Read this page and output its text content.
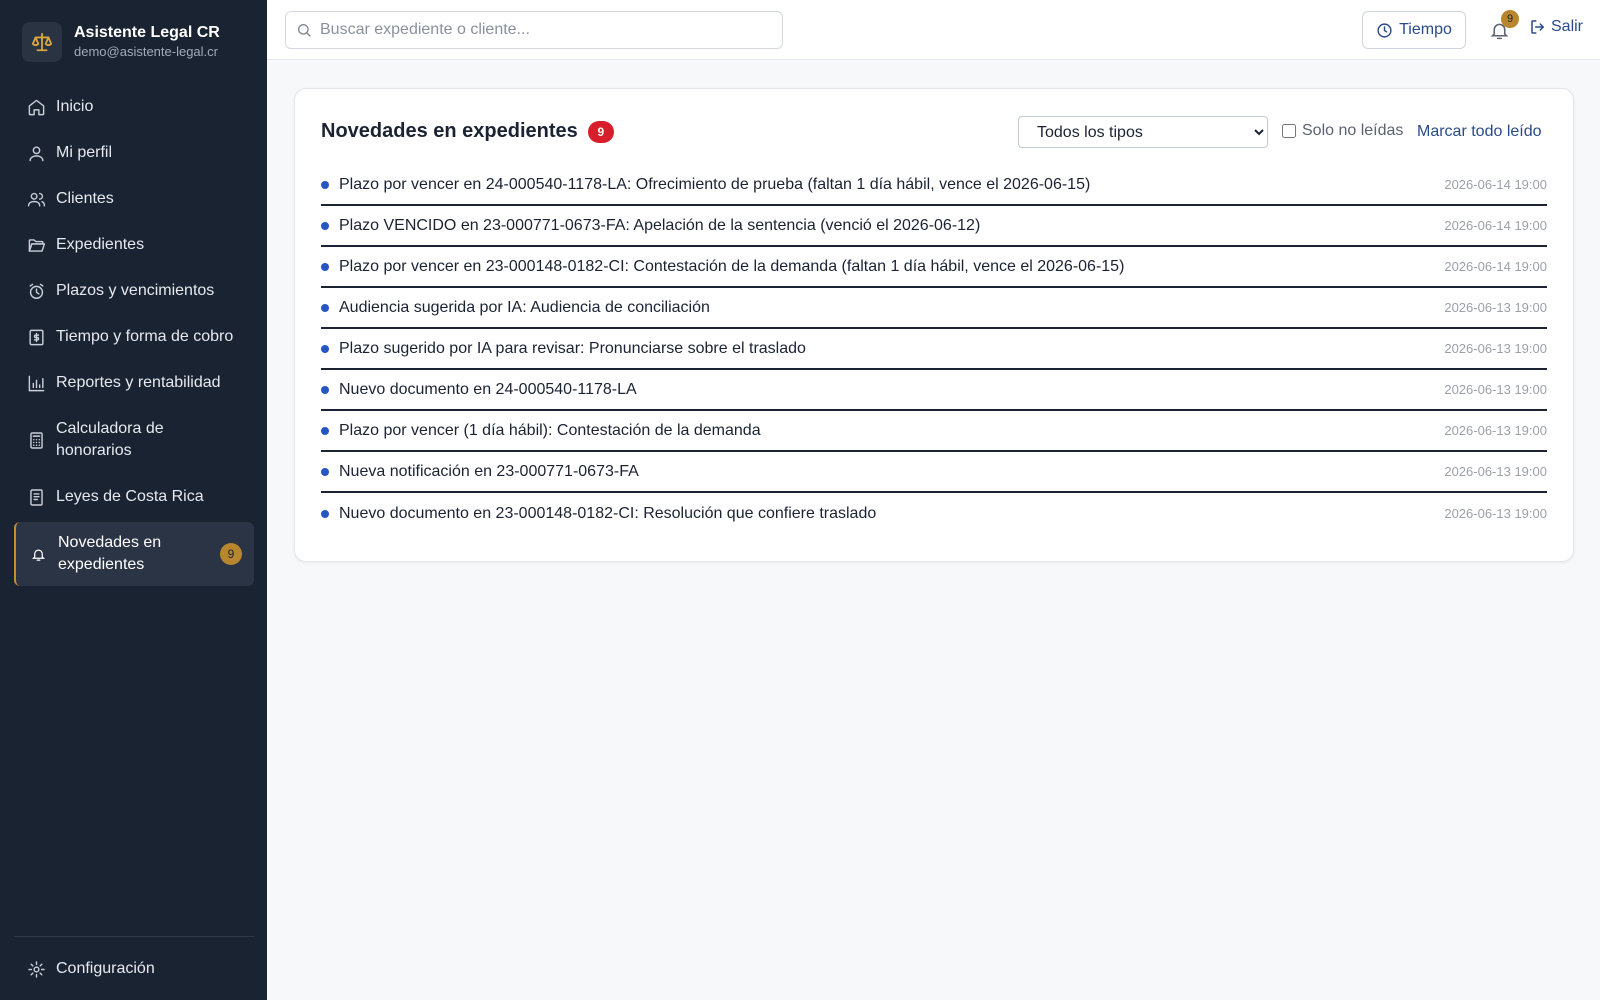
Asistente Legal CR
demo@asistente-legal.cr
Inicio
Mi perfil
Clientes
Expedientes
Plazos y vencimientos
Tiempo y forma de cobro
Reportes y rentabilidad
Calculadora de honorarios
Leyes de Costa Rica
Novedades en expedientes
9
Configuración
Buscar expediente o cliente...
Tiempo
9	Salir
Novedades en expedientes	9
Todos los tipos	Solo no leídas Marcar todo leído
Plazo por vencer en 24-000540-1178-LA: Ofrecimiento de prueba (faltan 1 día hábil, vence el 2026-06-15)	2026-06-14 19:00
Plazo VENCIDO en 23-000771-0673-FA: Apelación de la sentencia (venció el 2026-06-12)	2026-06-14 19:00
Plazo por vencer en 23-000148-0182-CI: Contestación de la demanda (faltan 1 día hábil, vence el 2026-06-15)	2026-06-14 19:00
Audiencia sugerida por IA: Audiencia de conciliación	2026-06-13 19:00
Plazo sugerido por IA para revisar: Pronunciarse sobre el traslado	2026-06-13 19:00
Nuevo documento en 24-000540-1178-LA	2026-06-13 19:00
Plazo por vencer (1 día hábil): Contestación de la demanda	2026-06-13 19:00
Nueva notificación en 23-000771-0673-FA	2026-06-13 19:00
Nuevo documento en 23-000148-0182-CI: Resolución que confiere traslado	2026-06-13 19:00
